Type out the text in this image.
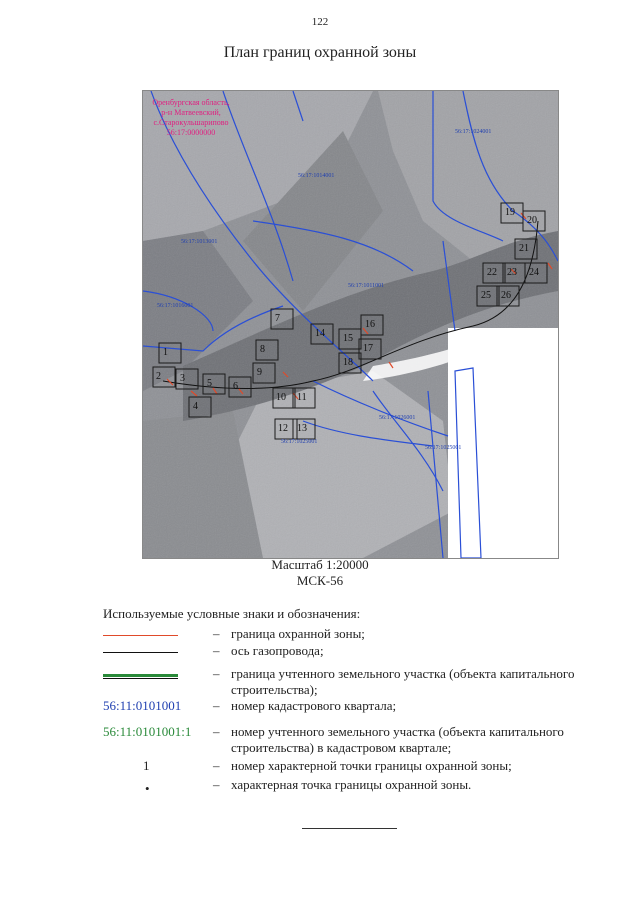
122
План границ охранной зоны
1
2 3
4
5 6
7
8
9
10 11
12 13
14 15
16
17
18
19
20
21
22 23 24
25 26
56:17:1024001
56:17:1014001
56:17:1013001
56:17:1016001
56:17:1011001
56:17:1026001
56:17:1025001
56:17:1025001
Оренбургская область,
р-н Матвеевский,
с.Старокульшарипово
56:17:0000000
Масштаб 1:20000
МСК-56
Используемые условные знаки и обозначения:
– граница охранной зоны;
– ось газопровода;
– граница учтенного земельного участка (объекта капитального строительства);
56:11:0101001 – номер кадастрового квартала;
56:11:0101001:1	– номер учтенного земельного участка (объекта капитального строительства) в кадастровом квартале;
1	– номер характерной точки границы охранной зоны;
•	– характерная точка границы охранной зоны.
